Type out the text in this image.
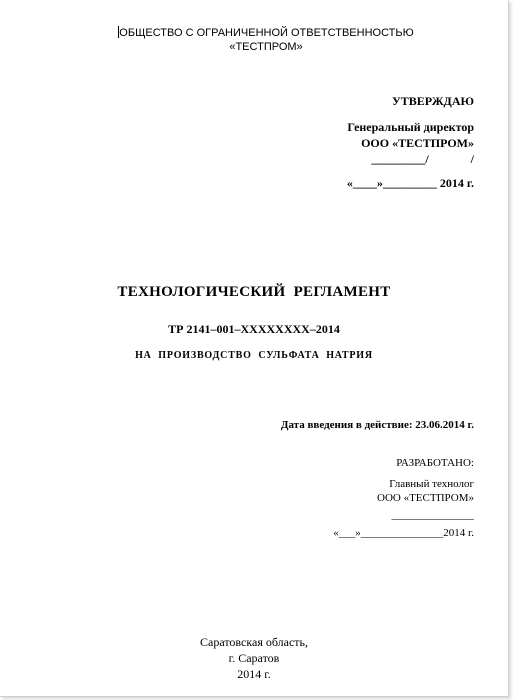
ОБЩЕСТВО С ОГРАНИЧЕННОЙ ОТВЕТСТВЕННОСТЬЮ
«ТЕСТПРОМ»
УТВЕРЖДАЮ
Генеральный директор
ООО «ТЕСТПРОМ»
_________/              /
«____»_________ 2014 г.
ТЕХНОЛОГИЧЕСКИЙ  РЕГЛАМЕНТ
ТР 2141–001–XXXXXXXX–2014
НА  ПРОИЗВОДСТВО  СУЛЬФАТА  НАТРИЯ
Дата введения в действие: 23.06.2014 г.
РАЗРАБОТАНО:
Главный технолог
ООО «ТЕСТПРОМ»
_______________
«___»_______________2014 г.
Саратовская область,
г. Саратов
2014 г.
